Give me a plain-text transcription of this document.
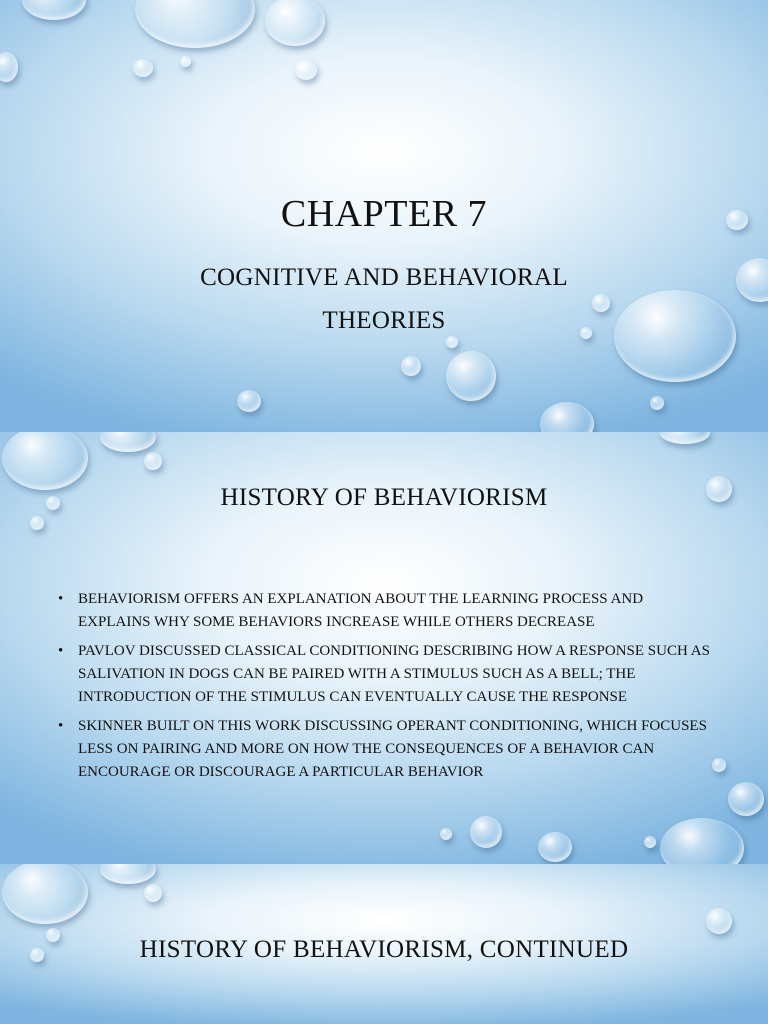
CHAPTER 7
COGNITIVE AND BEHAVIORAL
THEORIES
HISTORY OF BEHAVIORISM
• BEHAVIORISM OFFERS AN EXPLANATION ABOUT THE LEARNING PROCESS AND EXPLAINS WHY SOME BEHAVIORS INCREASE WHILE OTHERS DECREASE
• PAVLOV DISCUSSED CLASSICAL CONDITIONING DESCRIBING HOW A RESPONSE SUCH AS SALIVATION IN DOGS CAN BE PAIRED WITH A STIMULUS SUCH AS A BELL; THE INTRODUCTION OF THE STIMULUS CAN EVENTUALLY CAUSE THE RESPONSE
• SKINNER BUILT ON THIS WORK DISCUSSING OPERANT CONDITIONING, WHICH FOCUSES LESS ON PAIRING AND MORE ON HOW THE CONSEQUENCES OF A BEHAVIOR CAN ENCOURAGE OR DISCOURAGE A PARTICULAR BEHAVIOR
HISTORY OF BEHAVIORISM, CONTINUED
